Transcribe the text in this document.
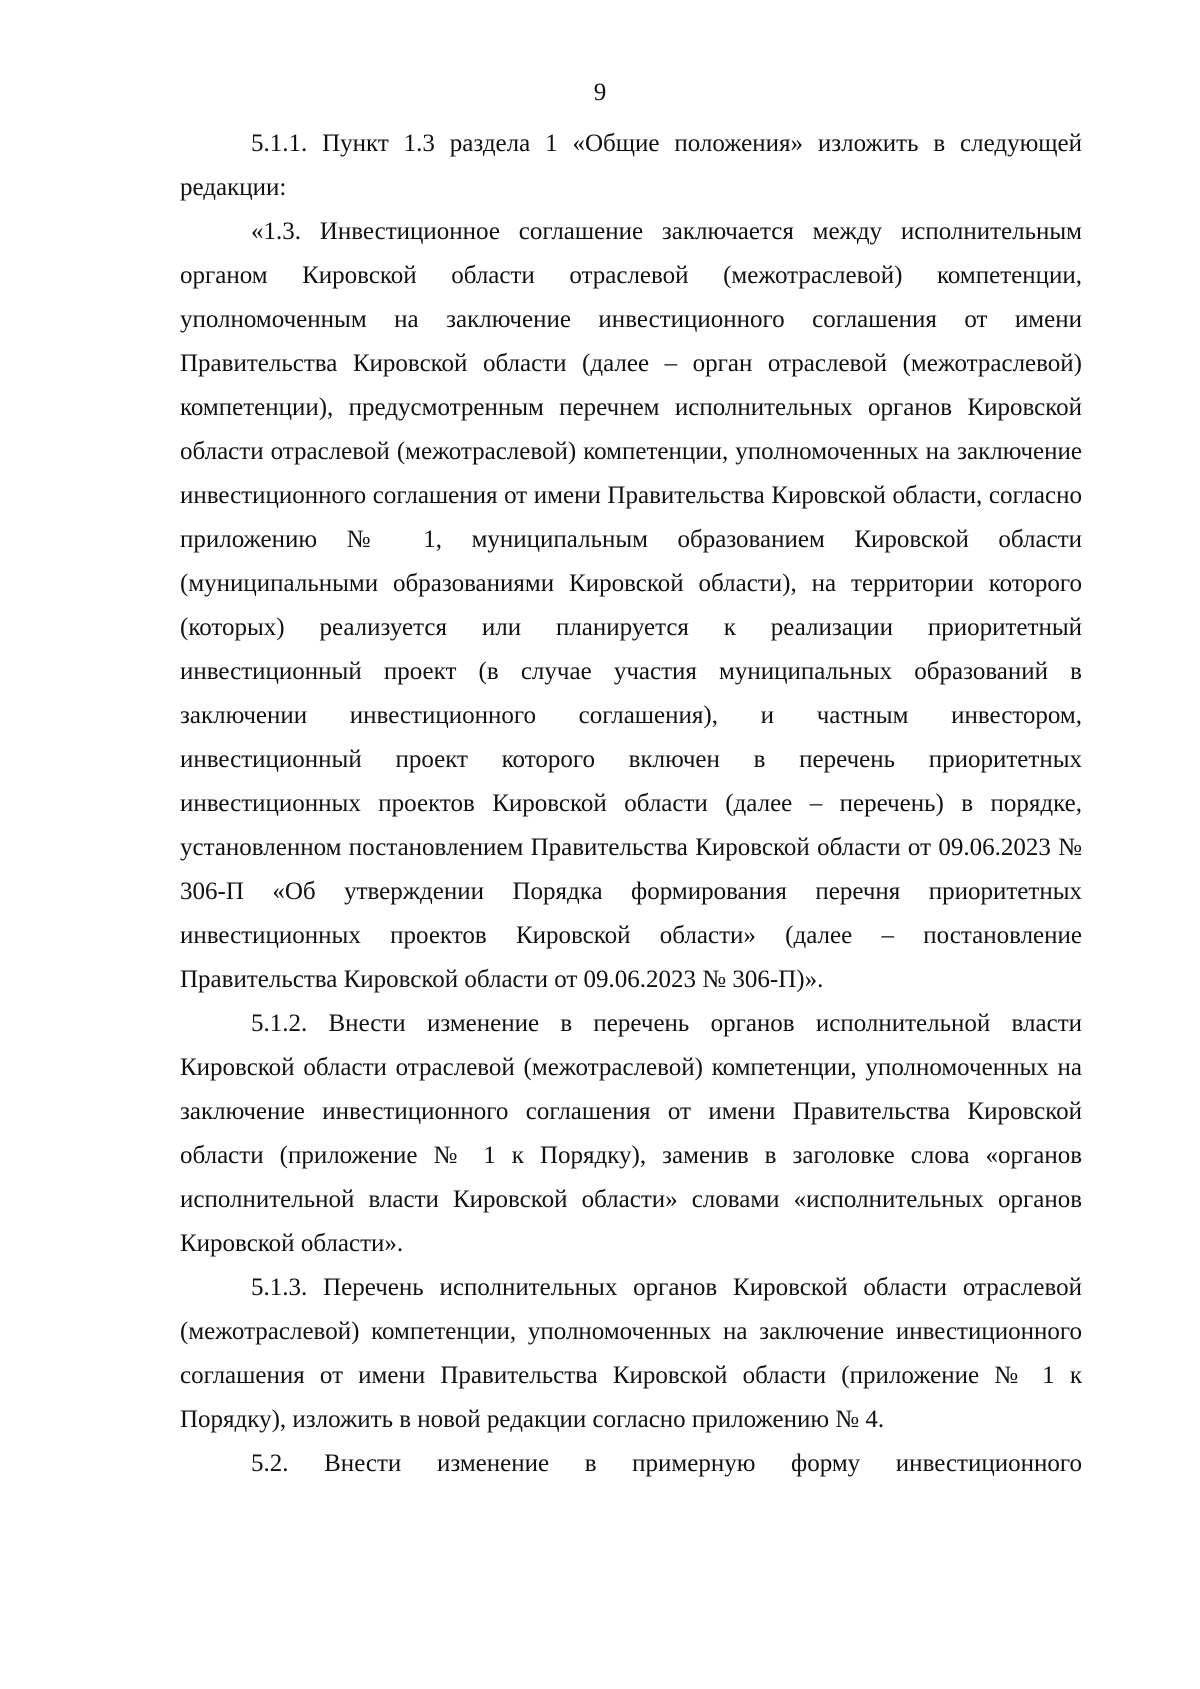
9

5.1.1. Пункт 1.3 раздела 1 «Общие положения» изложить в следующей редакции:

«1.3. Инвестиционное соглашение заключается между исполнительным органом Кировской области отраслевой (межотраслевой) компетенции, уполномоченным на заключение инвестиционного соглашения от имени Правительства Кировской области (далее – орган отраслевой (межотраслевой) компетенции), предусмотренным перечнем исполнительных органов Кировской области отраслевой (межотраслевой) компетенции, уполномоченных на заключение инвестиционного соглашения от имени Правительства Кировской области, согласно приложению № 1, муниципальным образованием Кировской области (муниципальными образованиями Кировской области), на территории которого (которых) реализуется или планируется к реализации приоритетный инвестиционный проект (в случае участия муниципальных образований в заключении инвестиционного соглашения), и частным инвестором, инвестиционный проект которого включен в перечень приоритетных инвестиционных проектов Кировской области (далее – перечень) в порядке, установленном постановлением Правительства Кировской области от 09.06.2023 № 306-П «Об утверждении Порядка формирования перечня приоритетных инвестиционных проектов Кировской области» (далее – постановление Правительства Кировской области от 09.06.2023 № 306-П)».

5.1.2. Внести изменение в перечень органов исполнительной власти Кировской области отраслевой (межотраслевой) компетенции, уполномоченных на заключение инвестиционного соглашения от имени Правительства Кировской области (приложение № 1 к Порядку), заменив в заголовке слова «органов исполнительной власти Кировской области» словами «исполнительных органов Кировской области».

5.1.3. Перечень исполнительных органов Кировской области отраслевой (межотраслевой) компетенции, уполномоченных на заключение инвестиционного соглашения от имени Правительства Кировской области (приложение № 1 к Порядку), изложить в новой редакции согласно приложению № 4.

5.2. Внести изменение в примерную форму инвестиционного
